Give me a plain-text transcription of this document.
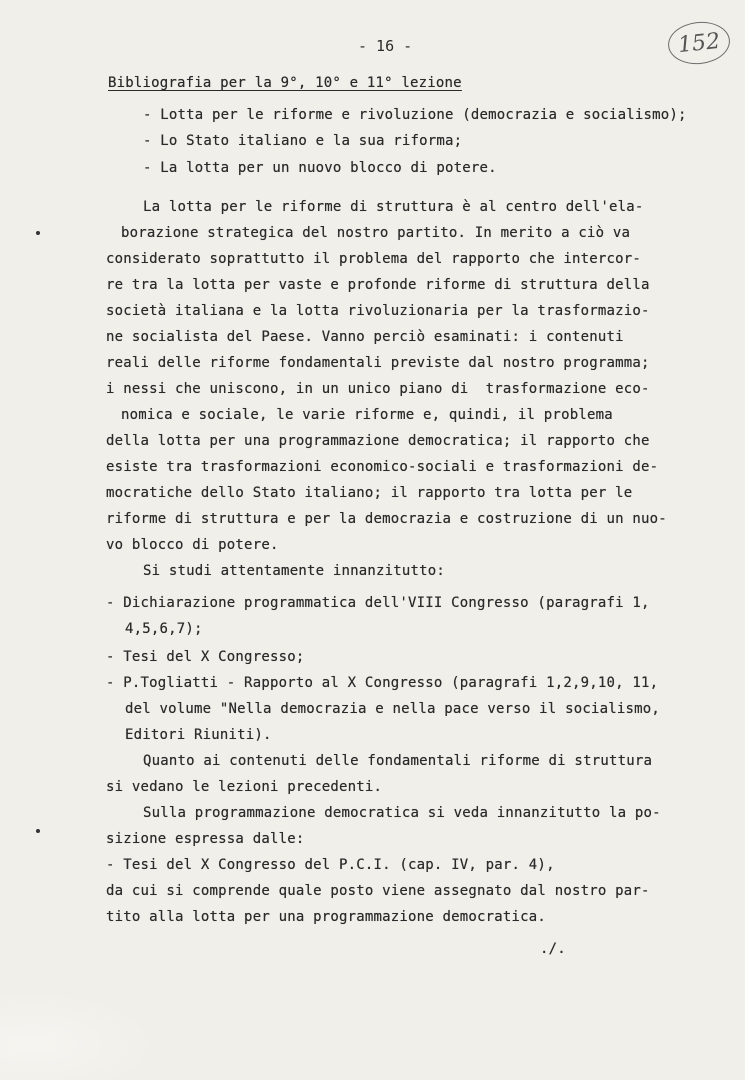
- 16 -	152
Bibliografia per la 9°, 10° e 11° lezione
- Lotta per le riforme e rivoluzione (democrazia e socialismo);
- Lo Stato italiano e la sua riforma;
- La lotta per un nuovo blocco di potere.
La lotta per le riforme di struttura è al centro dell'ela-
borazione strategica del nostro partito. In merito a ciò va
considerato soprattutto il problema del rapporto che intercor-
re tra la lotta per vaste e profonde riforme di struttura della
società italiana e la lotta rivoluzionaria per la trasformazio-
ne socialista del Paese. Vanno perciò esaminati: i contenuti
reali delle riforme fondamentali previste dal nostro programma;
i nessi che uniscono, in un unico piano di  trasformazione eco-
nomica e sociale, le varie riforme e, quindi, il problema
della lotta per una programmazione democratica; il rapporto che
esiste tra trasformazioni economico-sociali e trasformazioni de-
mocratiche dello Stato italiano; il rapporto tra lotta per le
riforme di struttura e per la democrazia e costruzione di un nuo-
vo blocco di potere.
Si studi attentamente innanzitutto:
- Dichiarazione programmatica dell'VIII Congresso (paragrafi 1,
4,5,6,7);
- Tesi del X Congresso;
- P.Togliatti - Rapporto al X Congresso (paragrafi 1,2,9,10, 11,
del volume "Nella democrazia e nella pace verso il socialismo,
Editori Riuniti).
Quanto ai contenuti delle fondamentali riforme di struttura
si vedano le lezioni precedenti.
Sulla programmazione democratica si veda innanzitutto la po-
sizione espressa dalle:
- Tesi del X Congresso del P.C.I. (cap. IV, par. 4),
da cui si comprende quale posto viene assegnato dal nostro par-
tito alla lotta per una programmazione democratica.
./.
